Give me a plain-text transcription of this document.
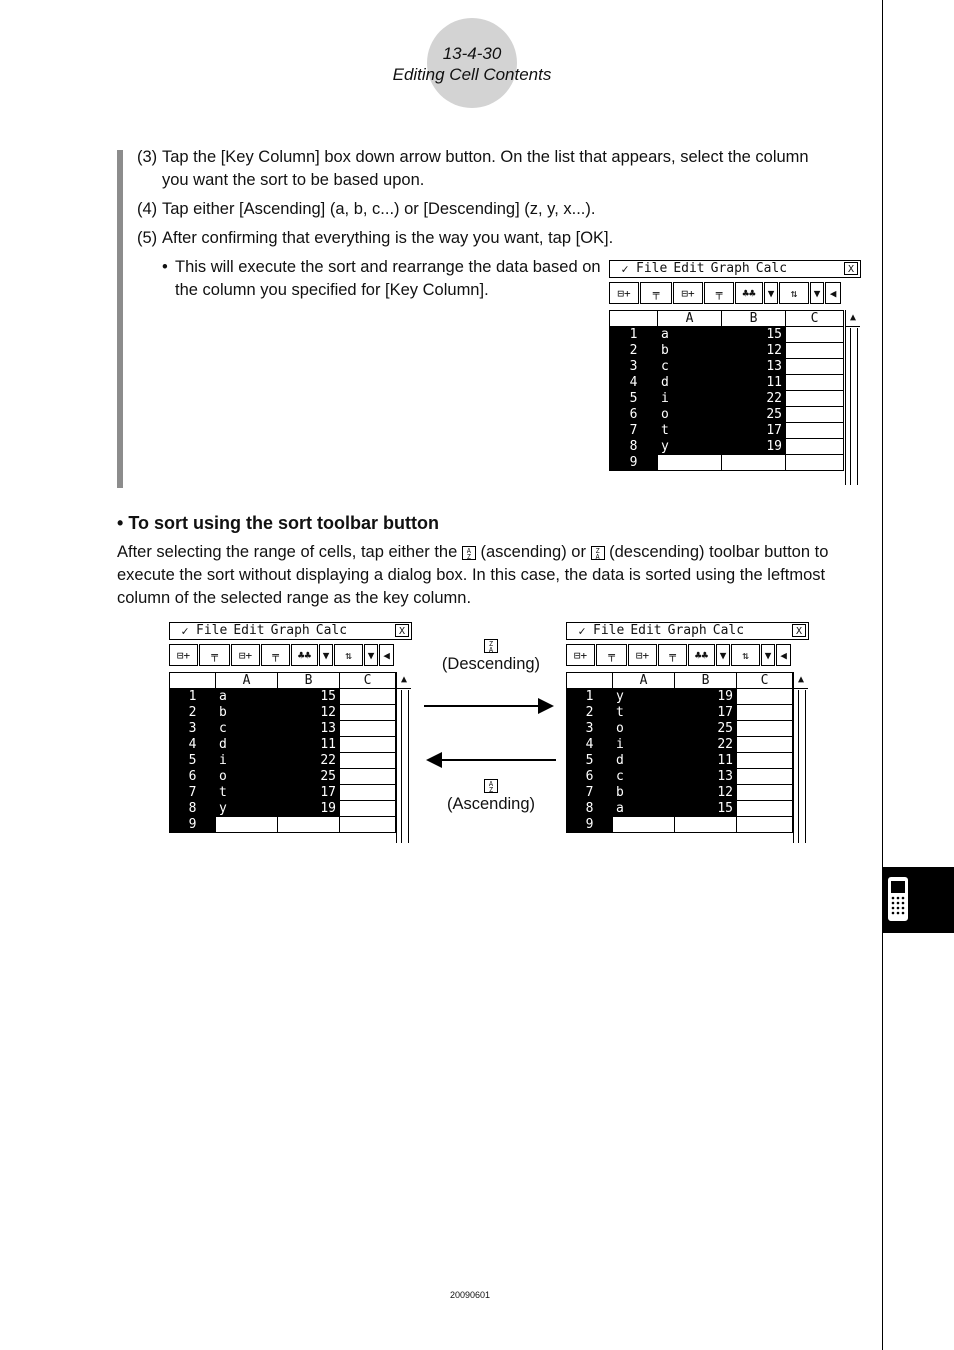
13-4-30
Editing Cell Contents
(3) Tap the [Key Column] box down arrow button. On the list that appears, select the column you want the sort to be based upon.
(4) Tap either [Ascending] (a, b, c...) or [Descending] (z, y, x...).
(5) After confirming that everything is the way you want, tap [OK].
• This will execute the sort and rearrange the data based on the column you specified for [Key Column].
• To sort using the sort toolbar button
After selecting the range of cells, tap either the A
Z (ascending) or Z
A (descending) toolbar button to execute the sort without displaying a dialog box. In this case, the data is sorted using the leftmost column of the selected range as the key column.
✓ File Edit Graph Calc	X
⊟+	╤	⊟+	╤	♣♣	▼	⇅	▼ ◀
	A	B	C
1	a	15	
2	b	12	
3	c	13	
4	d	11	
5	i	22	
6	o	25	
7	t	17	
8	y	19	
9			
▲
✓ File Edit Graph Calc	X
⊟+	╤	⊟+	╤	♣♣	▼	⇅	▼ ◀
	A	B	C
1	a	15	
2	b	12	
3	c	13	
4	d	11	
5	i	22	
6	o	25	
7	t	17	
8	y	19	
9			
▲
✓ File Edit Graph Calc	X
⊟+	╤	⊟+	╤	♣♣	▼	⇅	▼ ◀
	A	B	C
1	y	19	
2	t	17	
3	o	25	
4	i	22	
5	d	11	
6	c	13	
7	b	12	
8	a	15	
9			
▲
Z
A
(Descending)
A
Z
(Ascending)
20090601
